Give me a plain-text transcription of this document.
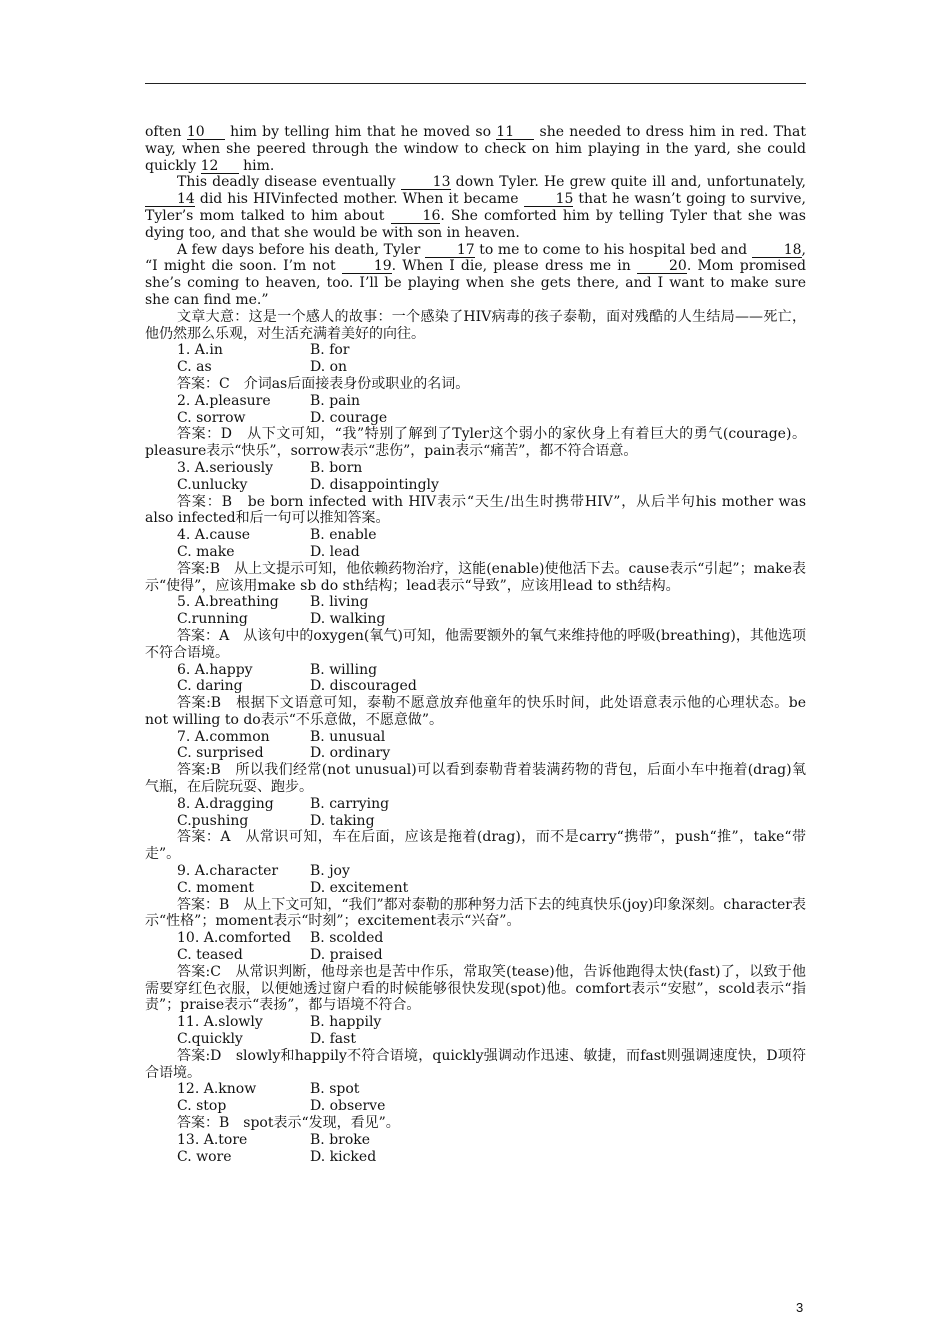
often 10 him by telling him that he moved so 11 she needed to dress him in red. That way, when she peered through the window to check on him playing in the yard, she could quickly 12 him.

This deadly disease eventually 13 down Tyler. He grew quite ill and, unfortunately, 14 did his HIVinfected mother. When it became 15 that he wasn’t going to survive, Tyler’s mom talked to him about 16. She comforted him by telling Tyler that she was dying too, and that she would be with son in heaven.

A few days before his death, Tyler 17 to me to come to his hospital bed and 18, “I might die soon. I’m not 19. When I die, please dress me in 20. Mom promised she’s coming to heaven, too. I’ll be playing when she gets there, and I want to make sure she can find me.”

文章大意：这是一个感人的故事：一个感染了HIV病毒的孩子泰勒，面对残酷的人生结局——死亡，他仍然那么乐观，对生活充满着美好的向往。

1. A.in	B. for
C. as	D. on

答案：C　介词as后面接表身份或职业的名词。

2. A.pleasure	B. pain
C. sorrow	D. courage

答案：D　从下文可知，“我”特别了解到了Tyler这个弱小的家伙身上有着巨大的勇气(courage)。pleasure表示“快乐”，sorrow表示“悲伤”，pain表示“痛苦”，都不符合语意。

3. A.seriously	B. born
C.unlucky	D. disappointingly

答案：B　be born infected with HIV表示“天生/出生时携带HIV”，从后半句his mother was also infected和后一句可以推知答案。

4. A.cause	B. enable
C. make	D. lead

答案:B　从上文提示可知，他依赖药物治疗，这能(enable)使他活下去。cause表示“引起”；make表示“使得”，应该用make sb do sth结构；lead表示“导致”，应该用lead to sth结构。

5. A.breathing	B. living
C.running	D. walking

答案：A　从该句中的oxygen(氧气)可知，他需要额外的氧气来维持他的呼吸(breathing)，其他选项不符合语境。

6. A.happy	B. willing
C. daring	D. discouraged

答案:B　根据下文语意可知，泰勒不愿意放弃他童年的快乐时间，此处语意表示他的心理状态。be not willing to do表示“不乐意做，不愿意做”。

7. A.common	B. unusual
C. surprised	D. ordinary

答案:B　所以我们经常(not unusual)可以看到泰勒背着装满药物的背包，后面小车中拖着(drag)氧气瓶，在后院玩耍、跑步。

8. A.dragging	B. carrying
C.pushing	D. taking

答案：A　从常识可知，车在后面，应该是拖着(drag)，而不是carry“携带”，push“推”，take“带走”。

9. A.character	B. joy
C. moment	D. excitement

答案：B　从上下文可知，“我们”都对泰勒的那种努力活下去的纯真快乐(joy)印象深刻。character表示“性格”；moment表示“时刻”；excitement表示“兴奋”。

10. A.comforted	B. scolded
C. teased	D. praised

答案:C　从常识判断，他母亲也是苦中作乐，常取笑(tease)他，告诉他跑得太快(fast)了，以致于他需要穿红色衣服，以便她透过窗户看的时候能够很快发现(spot)他。comfort表示“安慰”，scold表示“指责”；praise表示“表扬”，都与语境不符合。

11. A.slowly	B. happily
C.quickly	D. fast

答案:D　slowly和happily不符合语境，quickly强调动作迅速、敏捷，而fast则强调速度快，D项符合语境。

12. A.know	B. spot
C. stop	D. observe

答案：B　spot表示“发现，看见”。

13. A.tore	B. broke
C. wore	D. kicked
3
